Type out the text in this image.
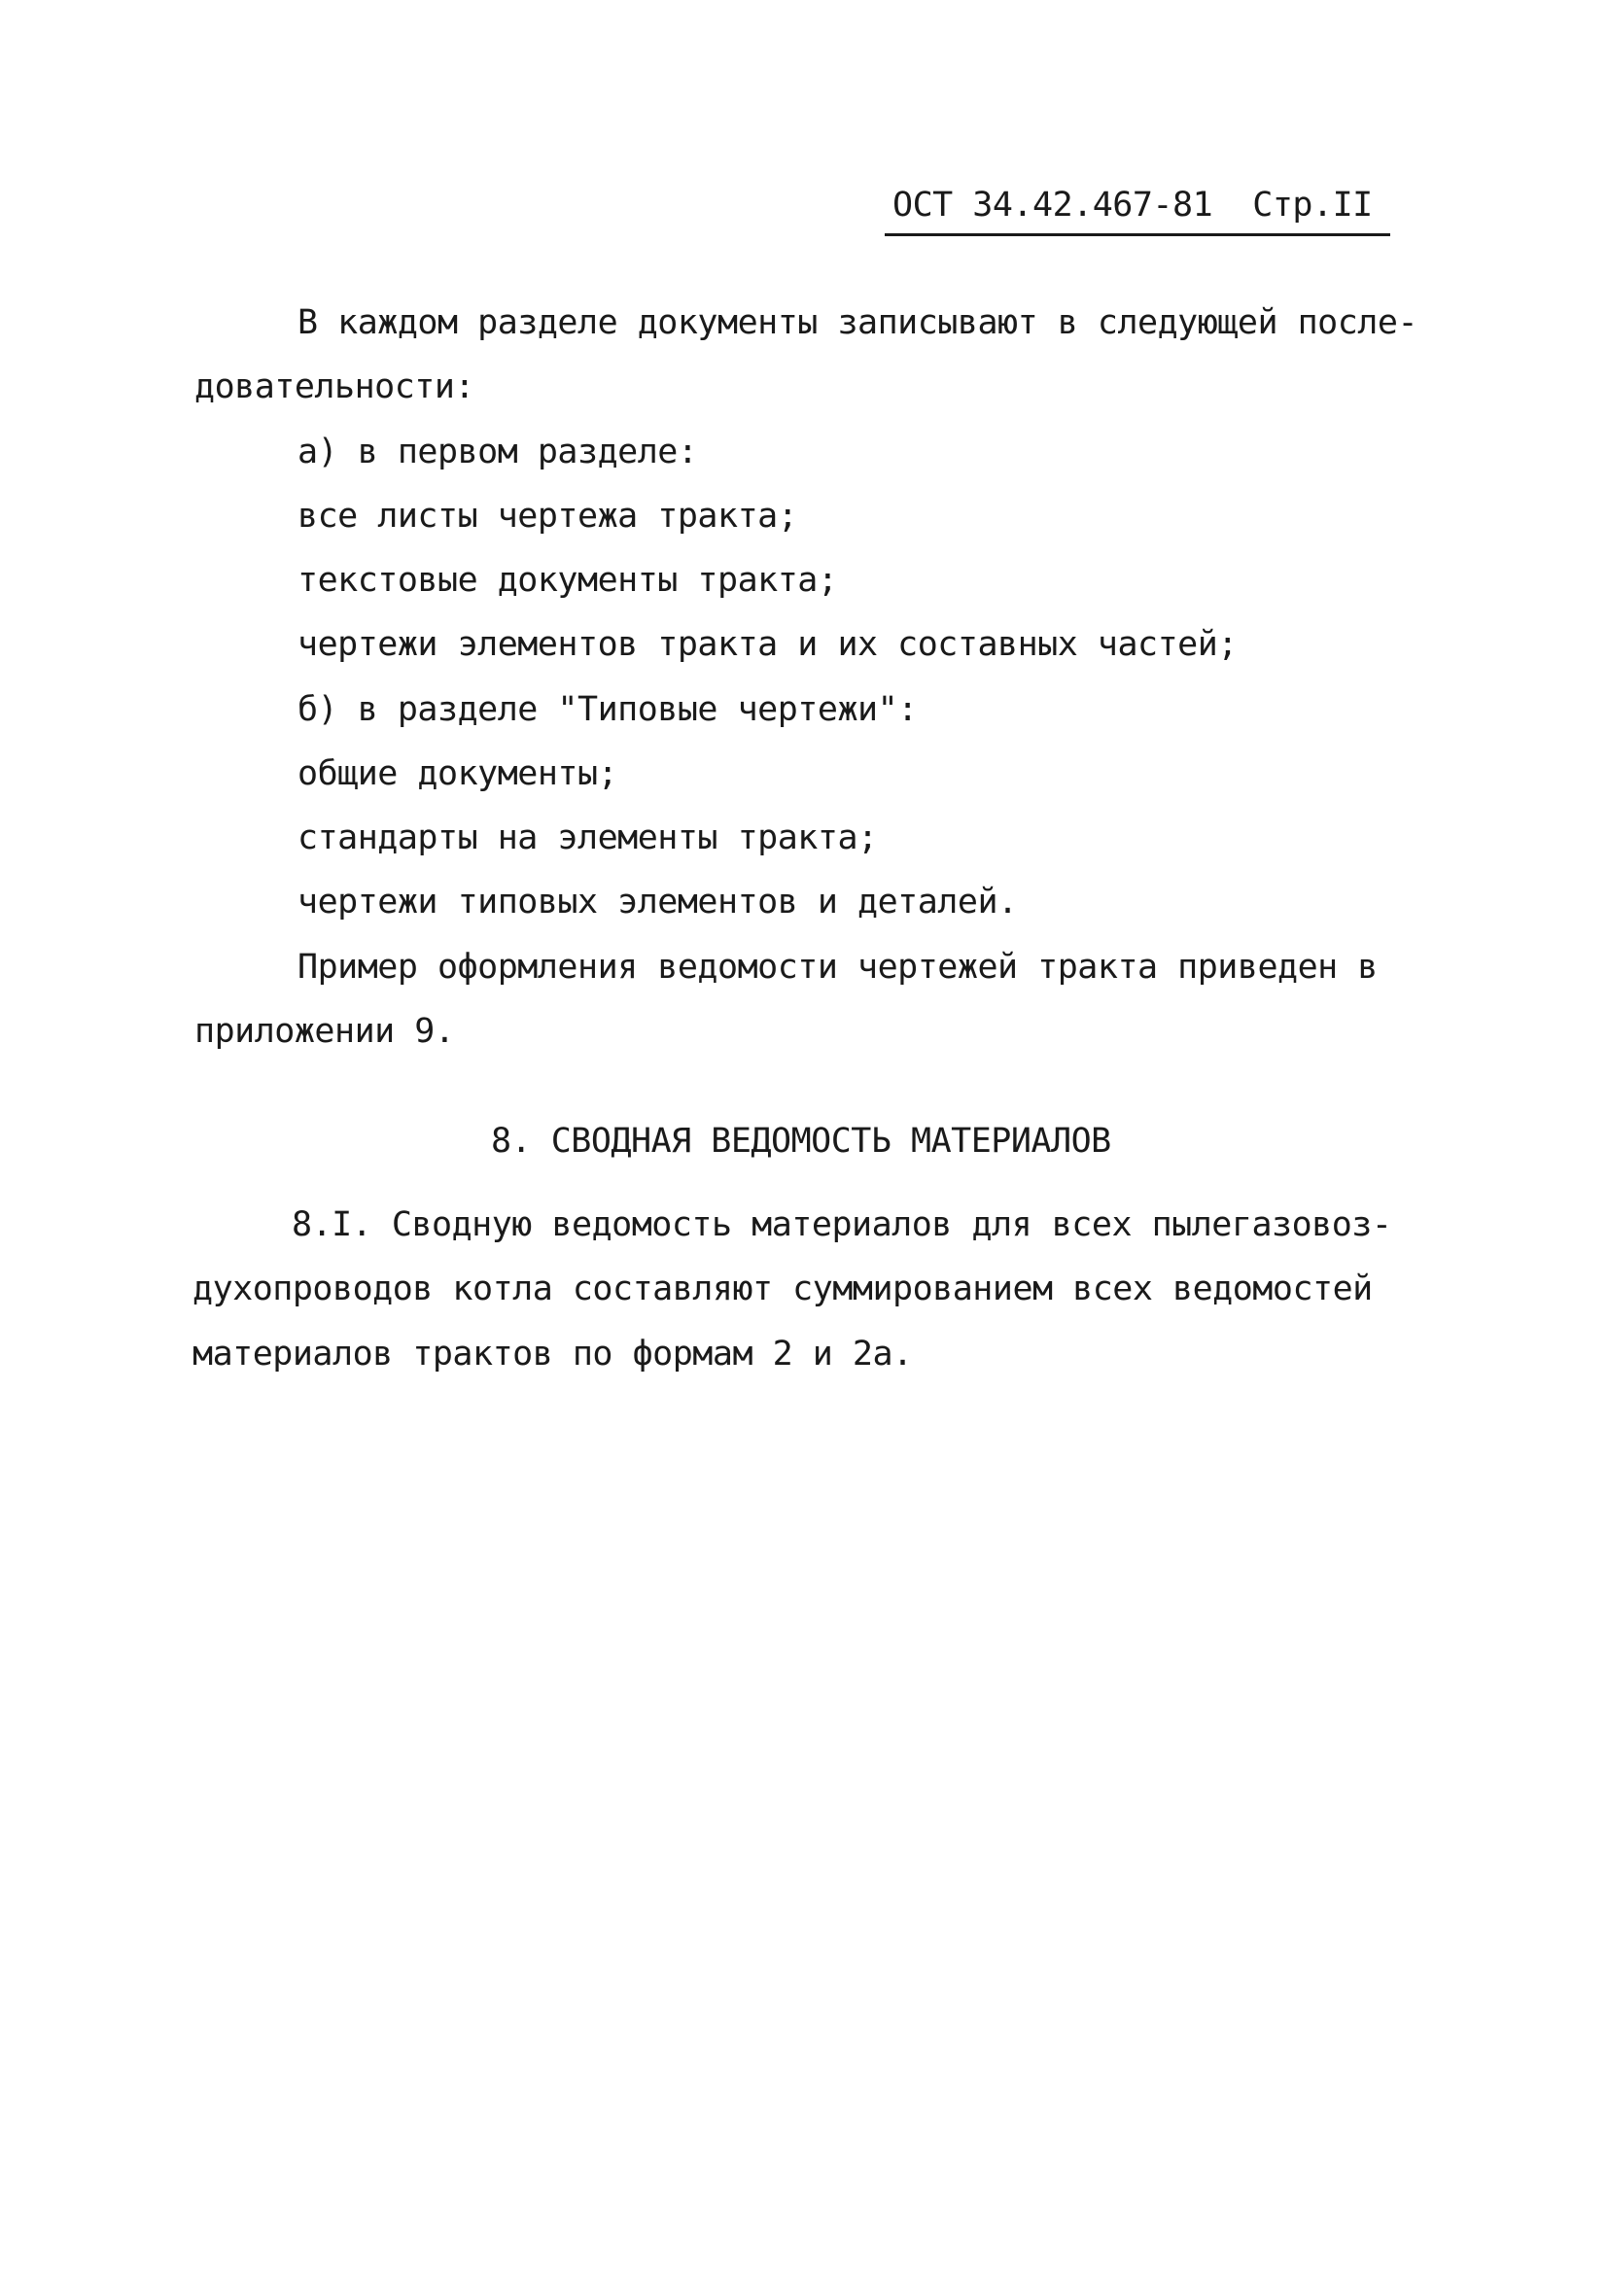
ОСТ 34.42.467-81  Стр.II
В каждом разделе документы записывают в следующей после-
довательности:
а) в первом разделе:
все листы чертежа тракта;
текстовые документы тракта;
чертежи элементов тракта и их составных частей;
б) в разделе "Типовые чертежи":
общие документы;
стандарты на элементы тракта;
чертежи типовых элементов и деталей.
Пример оформления ведомости чертежей тракта приведен в
приложении 9.
8. СВОДНАЯ ВЕДОМОСТЬ МАТЕРИАЛОВ
8.I. Сводную ведомость материалов для всех пылегазовоз-
духопроводов котла составляют суммированием всех ведомостей
материалов трактов по формам 2 и 2а.
